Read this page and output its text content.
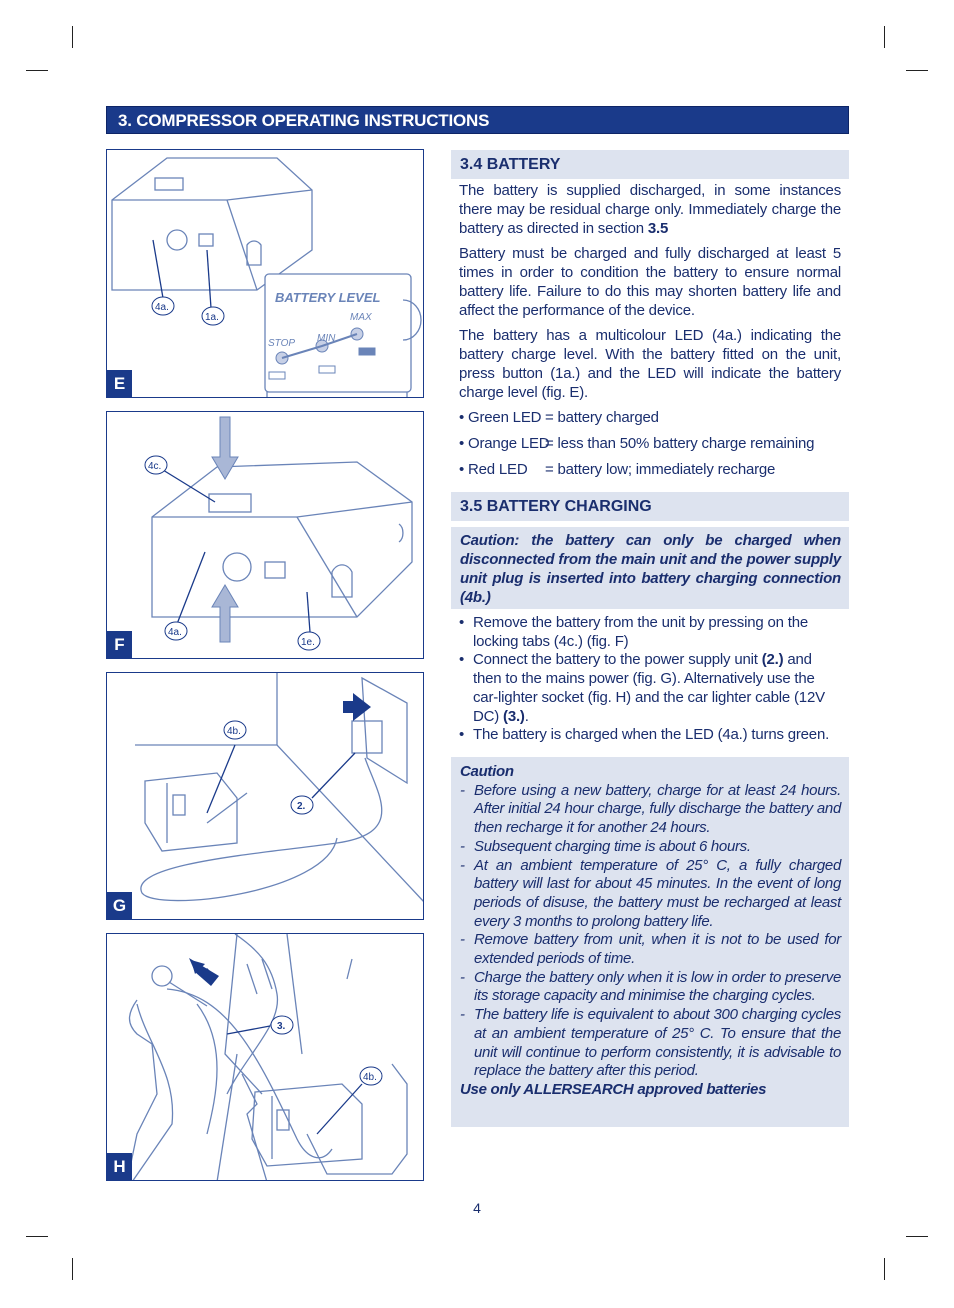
3. COMPRESSOR OPERATING INSTRUCTIONS
BATTERY LEVEL
STOP MIN
MAX
4a.
1a.
E
4c.
4a.
1e.
F
4b.
2.
G
3.
4b.
H
3.4 BATTERY
The battery is supplied discharged, in some instances there may be residual charge only. Immediately charge the battery as directed in section 3.5
Battery must be charged and fully discharged at least 5 times in order to condition the battery to ensure normal battery life. Failure to do this may shorten battery life and affect the performance of the device.
The battery has a multicolour LED (4a.) indicating the battery charge level. With the battery fitted on the unit, press button (1a.) and the LED will indicate the battery charge level (fig. E).
• Green LED = battery charged
• Orange LED= less than 50% battery charge remaining
• Red LED = battery low; immediately recharge
3.5 BATTERY CHARGING
Caution: the battery can only be charged when disconnected from the main unit and the power supply unit plug is inserted into battery charging connection (4b.)
• Remove the battery from the unit by pressing on the locking tabs (4c.) (fig. F)
• Connect the battery to the power supply unit (2.) and then to the mains power (fig. G). Alternatively use the car-lighter socket (fig. H) and the car lighter cable (12V DC) (3.).
• The battery is charged when the LED (4a.) turns green.
Caution
- Before using a new battery, charge for at least 24 hours. After initial 24 hour charge, fully discharge the battery and then recharge it for another 24 hours.
- Subsequent charging time is about 6 hours.
- At an ambient temperature of 25° C, a fully charged battery will last for about 45 minutes. In the event of long periods of disuse, the battery must be recharged at least every 3 months to prolong battery life.
- Remove battery from unit, when it is not to be used for extended periods of time.
- Charge the battery only when it is low in order to preserve its storage capacity and minimise the charging cycles.
- The battery life is equivalent to about 300 charging cycles at an ambient temperature of 25° C. To ensure that the unit will continue to perform consistently, it is advisable to replace the battery after this period.
Use only ALLERSEARCH approved batteries
4
